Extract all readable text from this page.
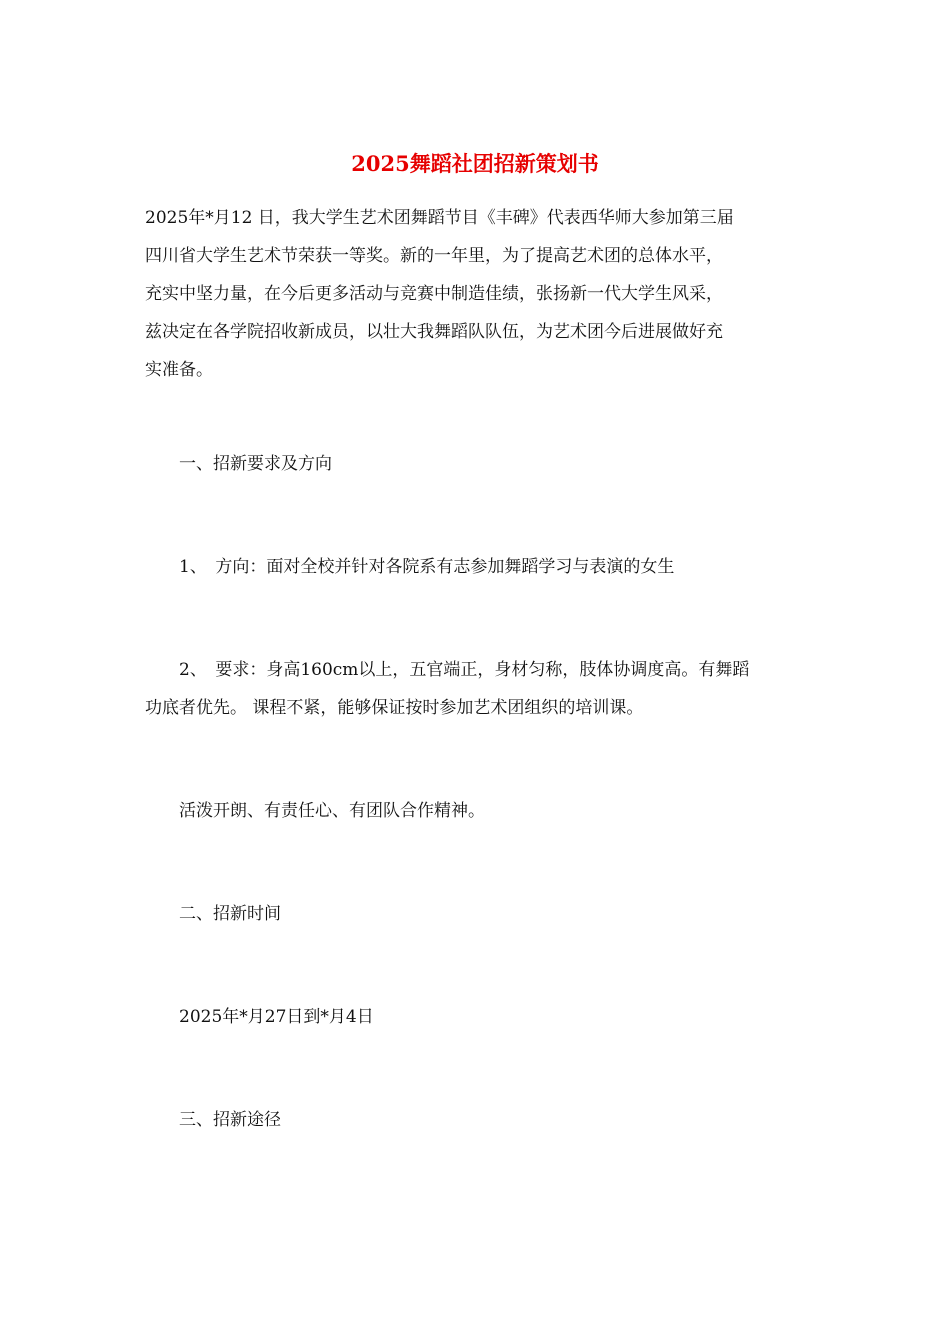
2025舞蹈社团招新策划书
2025年*月12 日，我大学生艺术团舞蹈节目《丰碑》代表西华师大参加第三届
四川省大学生艺术节荣获一等奖。新的一年里，为了提高艺术团的总体水平，
充实中坚力量，在今后更多活动与竞赛中制造佳绩，张扬新一代大学生风采，
兹决定在各学院招收新成员，以壮大我舞蹈队队伍，为艺术团今后进展做好充
实准备。
　　一、招新要求及方向
　　1、　方向：面对全校并针对各院系有志参加舞蹈学习与表演的女生
　　2、　要求：身高160cm以上，五官端正，身材匀称，肢体协调度高。有舞蹈
功底者优先。 课程不紧，能够保证按时参加艺术团组织的培训课。
　　活泼开朗、有责任心、有团队合作精神。
　　二、招新时间
　　2025年*月27日到*月4日
　　三、招新途径
